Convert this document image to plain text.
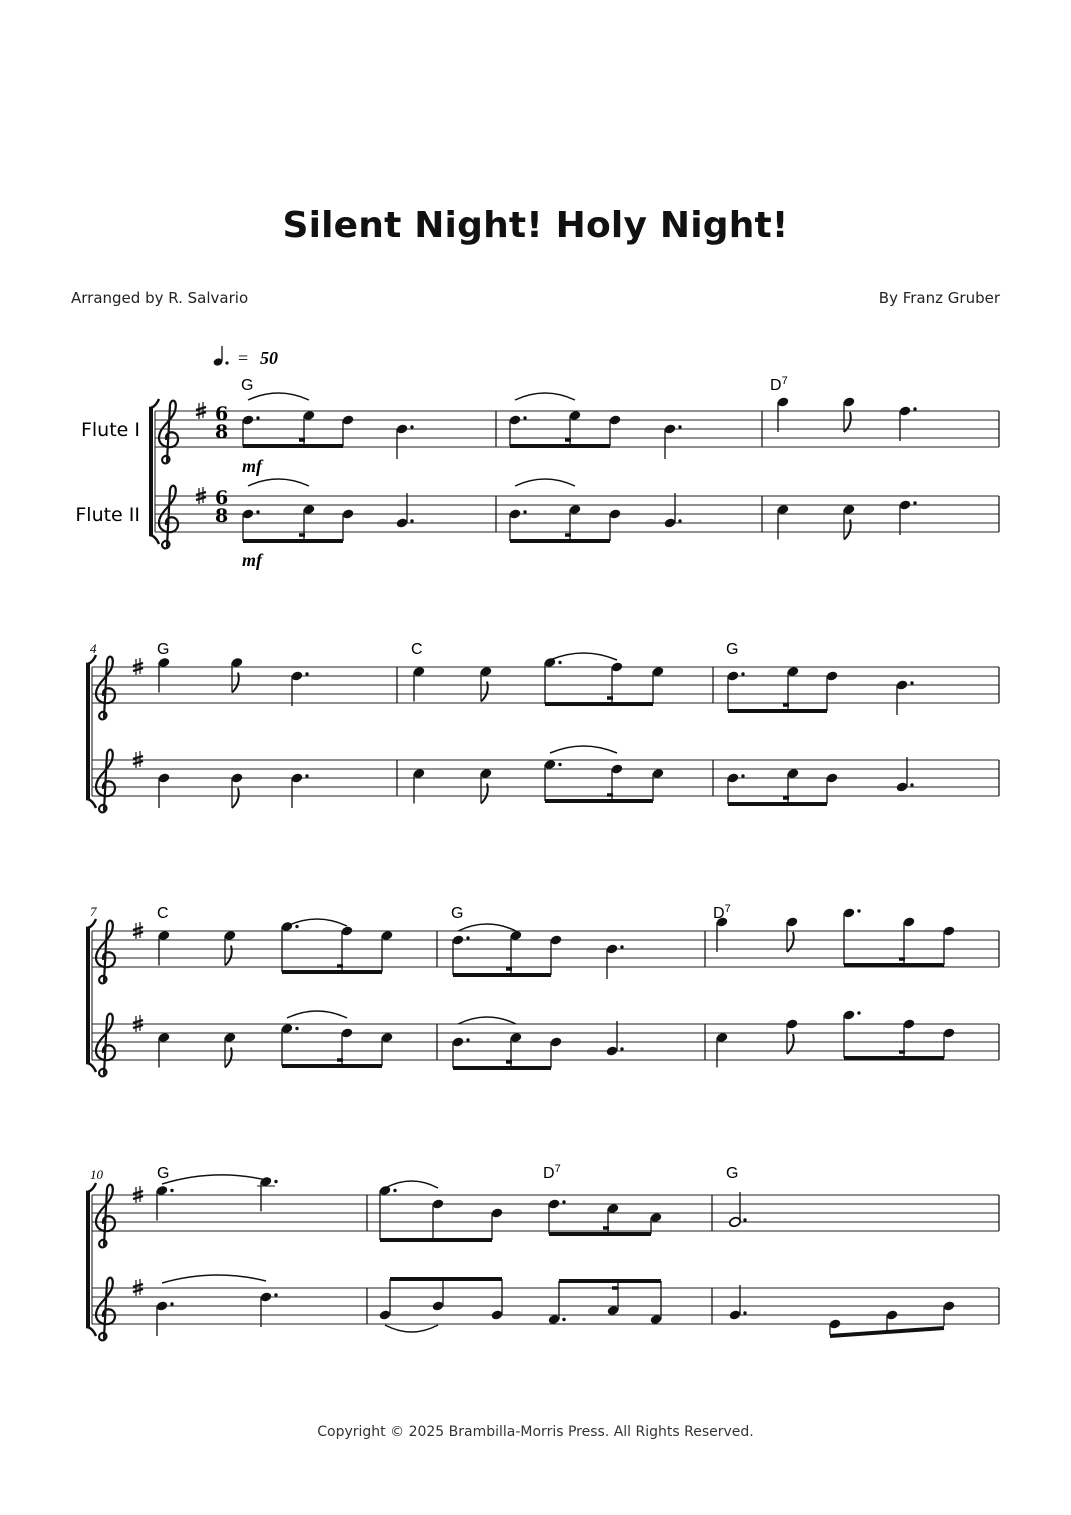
Silent Night! Holy Night!
Arranged by R. Salvario	By Franz Gruber
= 50
Flute I
Flute II
mf
mf
4
7
10
G	$D^7$
G	C	G
C	G	$D^7$
G	$D^7$	G
6
8
6
8
Copyright © 2025 Brambilla-Morris Press. All Rights Reserved.
